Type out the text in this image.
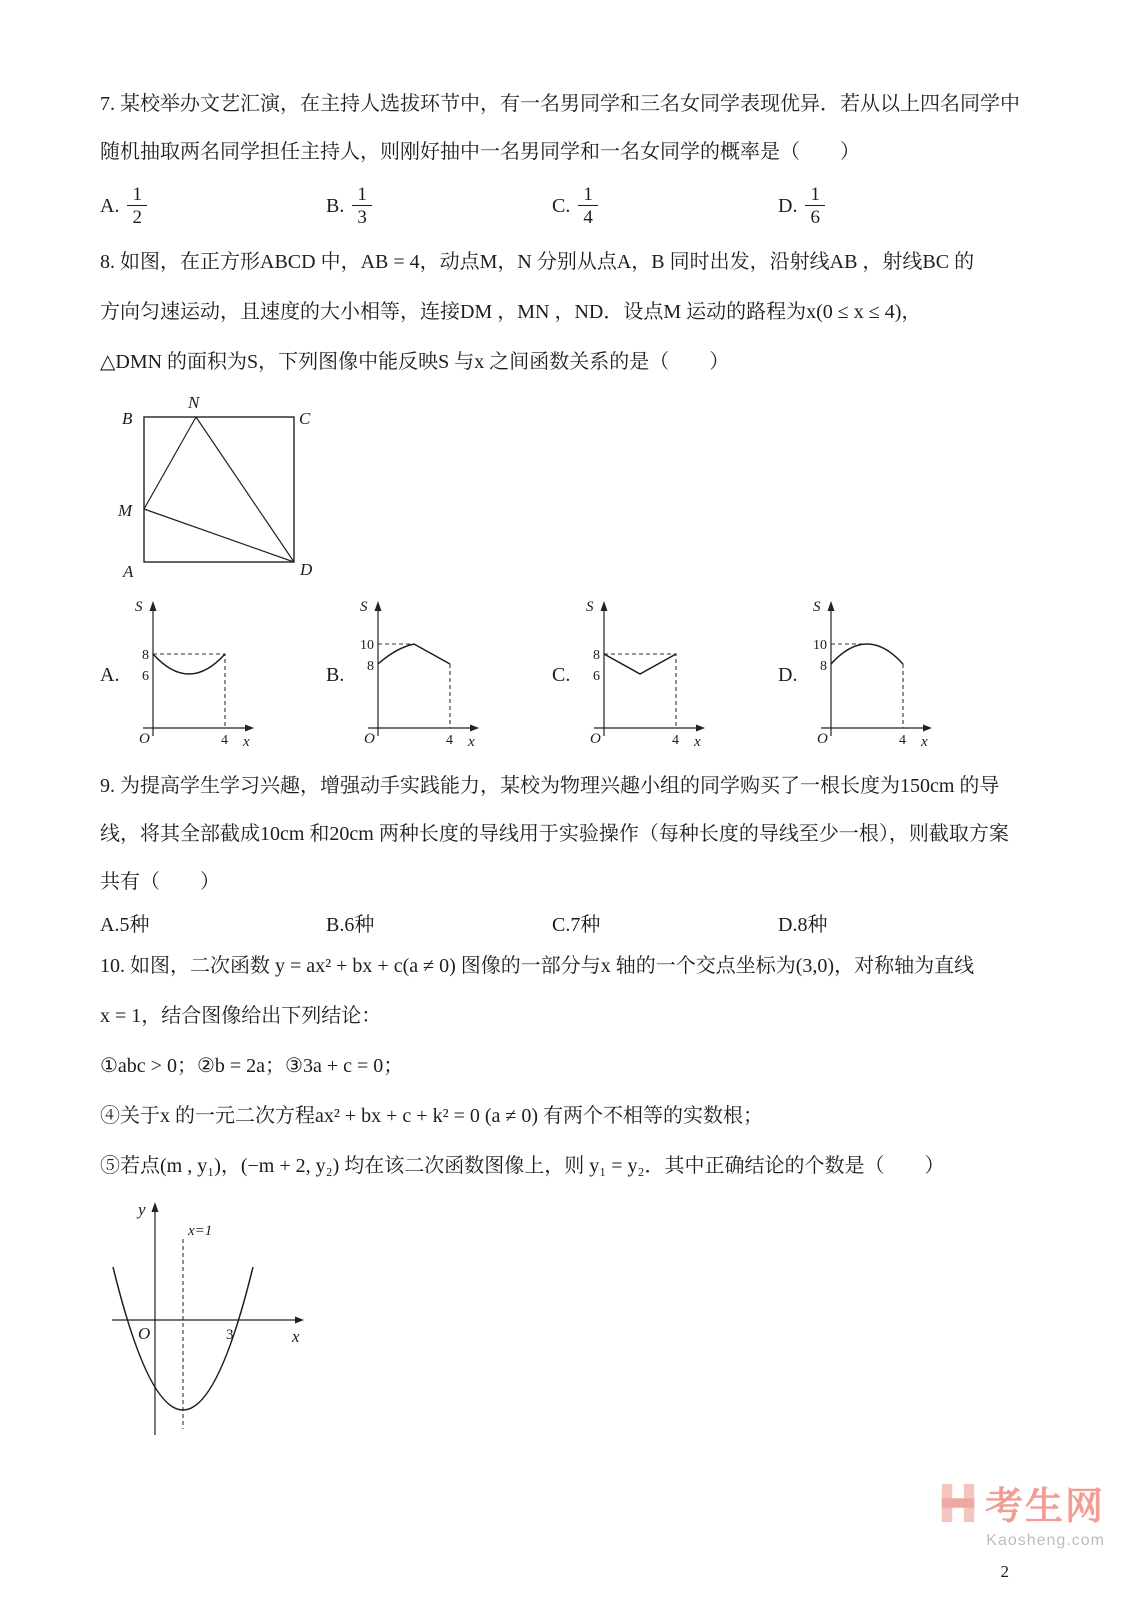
7. 某校举办文艺汇演，在主持人选拔环节中，有一名男同学和三名女同学表现优异．若从以上四名同学中

随机抽取两名同学担任主持人，则刚好抽中一名男同学和一名女同学的概率是（　　）

A. $\frac{1}{2}$	B. $\frac{1}{3}$	C. $\frac{1}{4}$	D. $\frac{1}{6}$

8. 如图，在正方形ABCD 中，AB = 4，动点M，N 分别从点A，B 同时出发，沿射线AB ，射线BC 的

方向匀速运动，且速度的大小相等，连接DM ，MN ，ND．设点M 运动的路程为x(0 ≤ x ≤ 4)，

△DMN 的面积为S，下列图像中能反映S 与x 之间函数关系的是（　　）

B
N
C
M
A	D
A.
S
8
6
O	4 x
B.
S
10
8
O	4 x
C.
S
8
6
O	4 x
D.
S
10
8
O	4 x

9. 为提高学生学习兴趣，增强动手实践能力，某校为物理兴趣小组的同学购买了一根长度为150cm 的导

线，将其全部截成10cm 和20cm 两种长度的导线用于实验操作（每种长度的导线至少一根），则截取方案

共有（　　）

A.5种	B.6种	C.7种	D.8种

10. 如图，二次函数 y = ax² + bx + c(a ≠ 0) 图像的一部分与x 轴的一个交点坐标为(3,0)，对称轴为直线

x = 1，结合图像给出下列结论：

①abc > 0；②b = 2a；③3a + c = 0；

④关于x 的一元二次方程ax² + bx + c + k² = 0 (a ≠ 0) 有两个不相等的实数根；

⑤若点(m , y₁)，(−m + 2, y₂) 均在该二次函数图像上，则 y₁ = y₂．其中正确结论的个数是（　　）

y
x
O
x=1
3
考生网
Kaosheng.com
2
